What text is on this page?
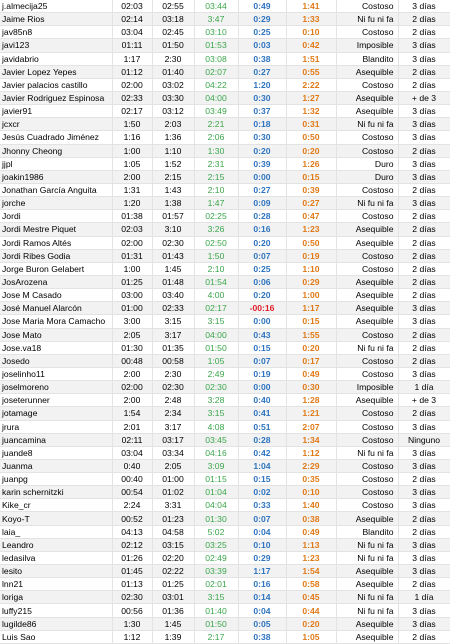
j.almecija25	02:03	02:55	03:44	0:49	1:41	Costoso	3 días
Jaime Rios	02:14	03:18	3:47	0:29	1:33	Ni fu ni fa	2 días
jav85n8	03:04	02:45	03:10	0:25	0:10	Costoso	2 días
javi123	01:11	01:50	01:53	0:03	0:42	Imposible	3 días
javidabrio	1:17	2:30	03:08	0:38	1:51	Blandito	3 días
Javier Lopez Yepes	01:12	01:40	02:07	0:27	0:55	Asequible	2 días
Javier palacios castillo	02:00	03:02	04:22	1:20	2:22	Costoso	2 días
Javier Rodriguez Espinosa	02:33	03:30	04:00	0:30	1:27	Asequible	+ de 3
javier91	02:17	03:12	03:49	0:37	1:32	Asequible	3 días
jcxcr	1:50	2:03	2:21	0:18	0:31	Ni fu ni fa	3 días
Jesús Cuadrado Jiménez	1:16	1:36	2:06	0:30	0:50	Costoso	3 días
Jhonny Cheong	1:00	1:10	1:30	0:20	0:20	Costoso	2 días
jjpl	1:05	1:52	2:31	0:39	1:26	Duro	3 días
joakin1986	2:00	2:15	2:15	0:00	0:15	Duro	3 días
Jonathan García Anguita	1:31	1:43	2:10	0:27	0:39	Costoso	2 días
jorche	1:20	1:38	1:47	0:09	0:27	Ni fu ni fa	3 días
Jordi	01:38	01:57	02:25	0:28	0:47	Costoso	2 días
Jordi Mestre Piquet	02:03	3:10	3:26	0:16	1:23	Asequible	2 días
Jordi Ramos Altés	02:00	02:30	02:50	0:20	0:50	Asequible	2 días
Jordi Ribes Godia	01:31	01:43	1:50	0:07	0:19	Costoso	2 días
Jorge Buron Gelabert	1:00	1:45	2:10	0:25	1:10	Costoso	2 días
JosArozena	01:25	01:48	01:54	0:06	0:29	Asequible	2 días
Jose M Casado	03:00	03:40	4:00	0:20	1:00	Asequible	2 días
José Manuel Alarcón	01:00	02:33	02:17	-00:16	1:17	Asequible	3 días
Jose Maria Mora Camacho	3:00	3:15	3:15	0:00	0:15	Asequible	3 días
Jose Mato	2:05	3:17	04:00	0:43	1:55	Costoso	2 días
Jose.va18	01:30	01:35	01:50	0:15	0:20	Ni fu ni fa	2 días
Josedo	00:48	00:58	1:05	0:07	0:17	Costoso	2 días
joselinho11	2:00	2:30	2:49	0:19	0:49	Costoso	3 días
joselmoreno	02:00	02:30	02:30	0:00	0:30	Imposible	1 día
joseterunner	2:00	2:48	3:28	0:40	1:28	Asequible	+ de 3
jotamage	1:54	2:34	3:15	0:41	1:21	Costoso	2 días
jrura	2:01	3:17	4:08	0:51	2:07	Costoso	3 días
juancamina	02:11	03:17	03:45	0:28	1:34	Costoso	Ninguno
juande8	03:04	03:34	04:16	0:42	1:12	Ni fu ni fa	3 días
Juanma	0:40	2:05	3:09	1:04	2:29	Costoso	3 días
juanpg	00:40	01:00	01:15	0:15	0:35	Costoso	2 días
karin schernitzki	00:54	01:02	01:04	0:02	0:10	Costoso	3 días
Kike_cr	2:24	3:31	04:04	0:33	1:40	Costoso	3 días
Koyo-T	00:52	01:23	01:30	0:07	0:38	Asequible	2 días
laia_	04:13	04:58	5:02	0:04	0:49	Blandito	2 días
Leandro	02:12	03:15	03:25	0:10	1:13	Ni fu ni fa	3 días
ledasilva	01:26	02:20	02:49	0:29	1:23	Ni fu ni fa	3 días
lesito	01:45	02:22	03:39	1:17	1:54	Asequible	3 días
lnn21	01:13	01:25	02:01	0:16	0:58	Asequible	2 días
loriga	02:30	03:01	3:15	0:14	0:45	Ni fu ni fa	1 día
luffy215	00:56	01:36	01:40	0:04	0:44	Ni fu ni fa	3 días
lugilde86	1:30	1:45	01:50	0:05	0:20	Asequible	3 días
Luis Sao	1:12	1:39	2:17	0:38	1:05	Asequible	2 días
